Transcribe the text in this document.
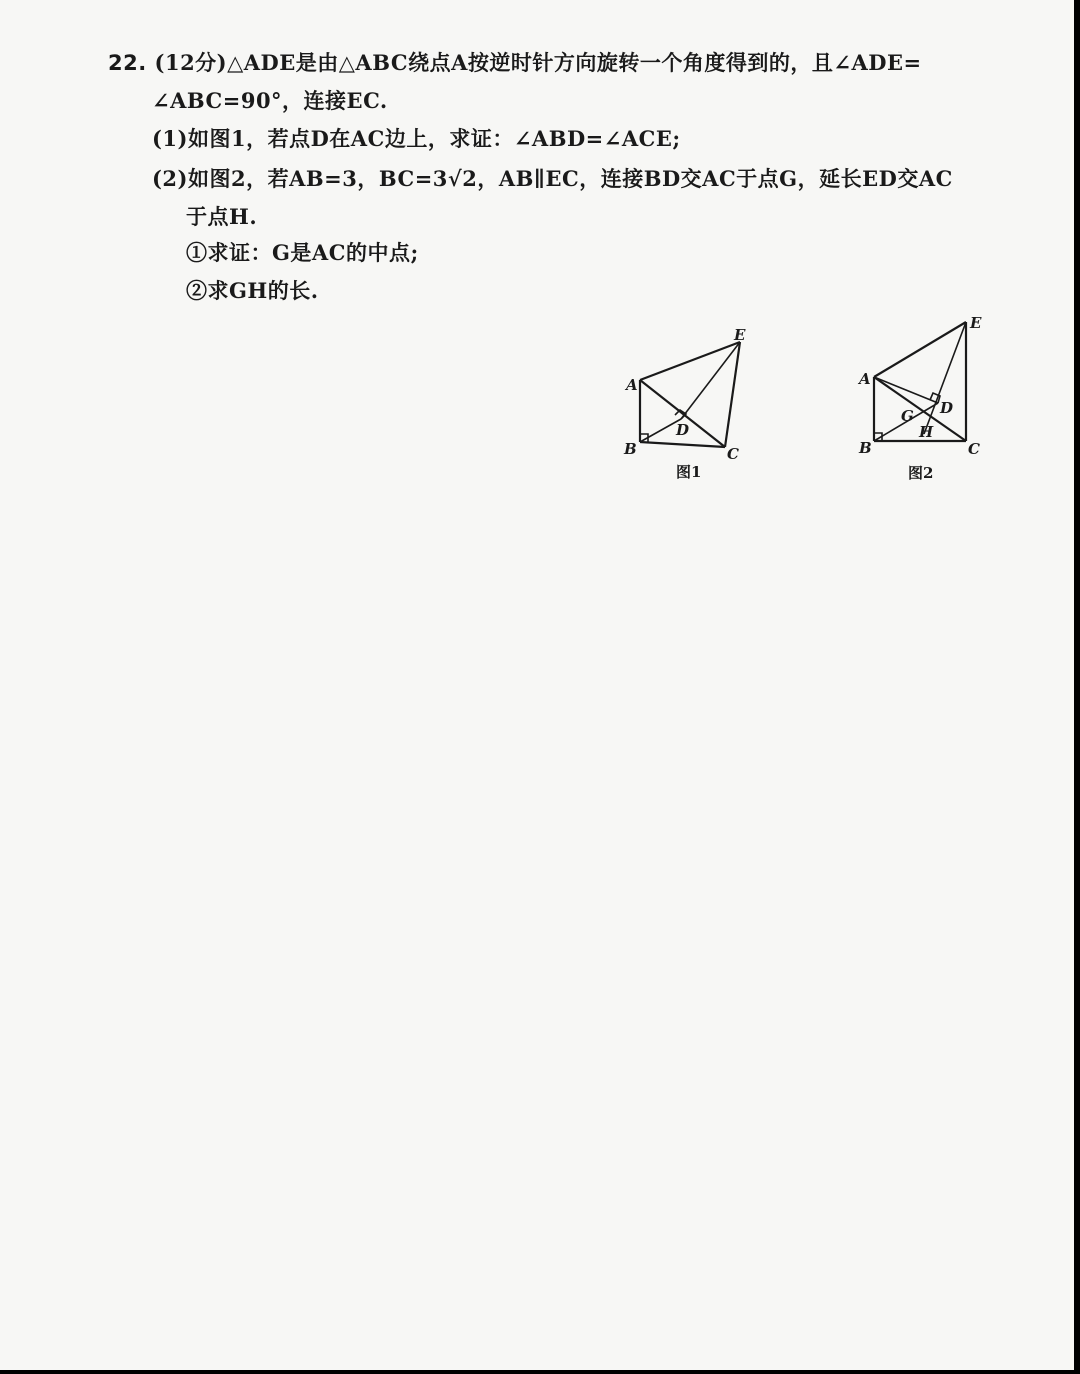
22. (12分)△ADE是由△ABC绕点A按逆时针方向旋转一个角度得到的，且∠ADE=
∠ABC=90°，连接EC.
(1)如图1，若点D在AC边上，求证：∠ABD=∠ACE;
(2)如图2，若AB=3，BC=3√2，AB∥EC，连接BD交AC于点G，延长ED交AC
于点H.
①求证：G是AC的中点;
②求GH的长.
A
B	C
D
E
图1
A
B	C
D
E
G
H
图2
